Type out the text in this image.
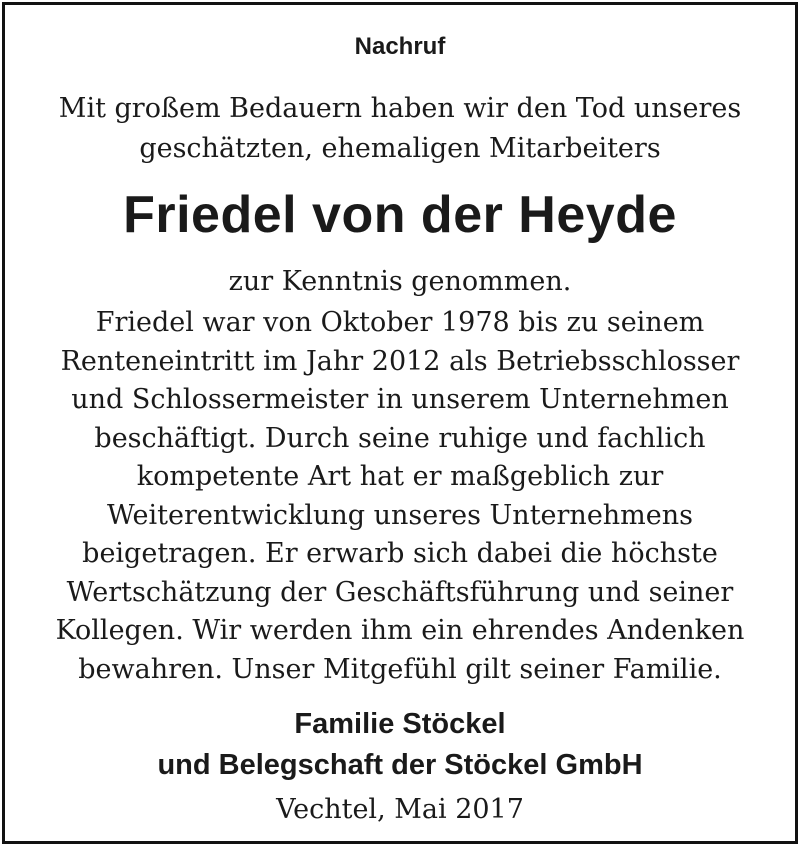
Nachruf
Mit großem Bedauern haben wir den Tod unseres
geschätzten, ehemaligen Mitarbeiters
Friedel von der Heyde
zur Kenntnis genommen.
Friedel war von Oktober 1978 bis zu seinem
Renteneintritt im Jahr 2012 als Betriebsschlosser
und Schlossermeister in unserem Unternehmen
beschäftigt. Durch seine ruhige und fachlich
kompetente Art hat er maßgeblich zur
Weiterentwicklung unseres Unternehmens
beigetragen. Er erwarb sich dabei die höchste
Wertschätzung der Geschäftsführung und seiner
Kollegen. Wir werden ihm ein ehrendes Andenken
bewahren. Unser Mitgefühl gilt seiner Familie.
Familie Stöckel
und Belegschaft der Stöckel GmbH
Vechtel, Mai 2017
